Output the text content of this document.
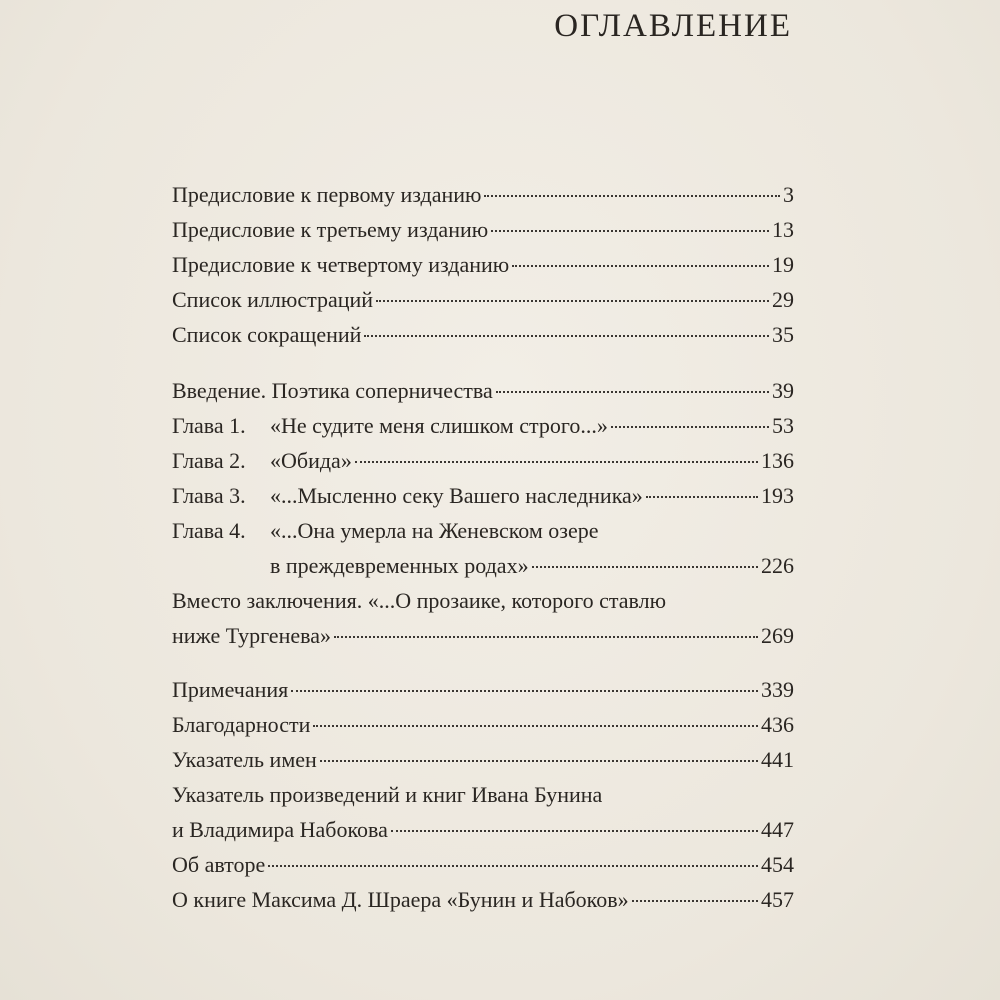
ОГЛАВЛЕНИЕ
Предисловие к первому изданию	3
Предисловие к третьему изданию	13
Предисловие к четвертому изданию	19
Список иллюстраций	29
Список сокращений	35
Введение. Поэтика соперничества	39
Глава 1.	«Не судите меня слишком строго...»	53
Глава 2.	«Обида»	136
Глава 3.	«...Мысленно секу Вашего наследника»	193
Глава 4.	«...Она умерла на Женевском озере
в преждевременных родах»	226
Вместо заключения. «...О прозаике, которого ставлю
ниже Тургенева»	269
Примечания	339
Благодарности	436
Указатель имен	441
Указатель произведений и книг Ивана Бунина
и Владимира Набокова	447
Об авторе	454
О книге Максима Д. Шраера «Бунин и Набоков»	457
